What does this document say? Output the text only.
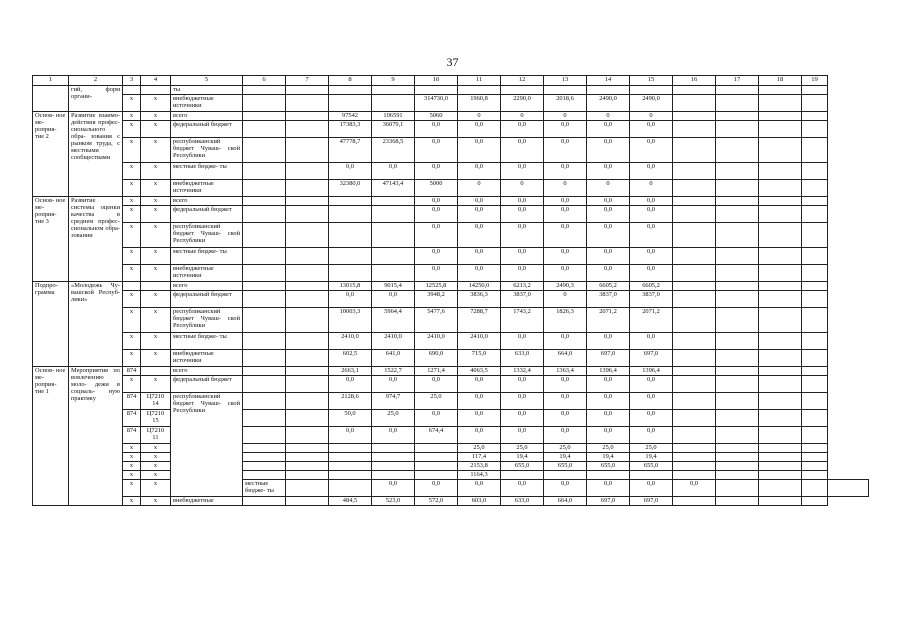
37
1	2	3	4	5	6	7	8	9	10	11	12	13	14	15	16	17	18	19	
	гий, форм органи-			ты															
		x	x	внебюджетные источники					314730,0	1960,8	2290,0	2018,6	2490,0	2490,0					
Основ- ное ме- роприя- тие 2	Развитие взаимо- действия профес- сионального обра- зования с рынком труда, с местными сообществами	x	x	всего			97542	106591	5060	0	0	0	0	0					
		x	x	федеральный бюджет			17383,3	36079,1	0,0	0,0	0,0	0,0	0,0	0,0					
		x	x	республиканский бюджет Чуваш- ской Республики			47778,7	23368,5	0,0	0,0	0,0	0,0	0,0	0,0					
		x	x	местные бюдже- ты			0,0	0,0	0,0	0,0	0,0	0,0	0,0	0,0					
		x	x	внебюджетные источники			32380,0	47143,4	5000	0	0	0	0	0					
Основ- ное ме- роприя- тие 3	Развитие системы оценки качества в среднем профес- сиональном обра- зовании	x	x	всего					0,0	0,0	0,0	0,0	0,0	0,0					
		x	x	федеральный бюджет					0,0	0,0	0,0	0,0	0,0	0,0					
		x	x	республиканский бюджет Чуваш- ской Республики					0,0	0,0	0,0	0,0	0,0	0,0					
		x	x	местные бюдже- ты					0,0	0,0	0,0	0,0	0,0	0,0					
		x	x	внебюджетные источники					0,0	0,0	0,0	0,0	0,0	0,0					
Подпро- грамма	«Молодежь Чу- вашской Респуб- лики»			всего			13015,8	9015,4	12525,8	14250,0	6213,2	2490,3	6605,2	6605,2					
		x	x	федеральный бюджет			0,0	0,0	3948,2	3836,3	3837,0	0	3837,0	3837,0					
		x	x	республиканский бюджет Чуваш- ской Республики			10003,3	5964,4	5477,6	7288,7	1743,2	1826,3	2071,2	2071,2					
		x	x	местные бюдже- ты			2410,0	2410,0	2410,0	2410,0	0,0	0,0	0,0	0,0					
		x	x	внебюджетные источники			602,5	641,0	690,0	715,0	633,0	664,0	697,0	697,0					
Основ- ное ме- роприя- тие 1	Мероприятия по вовлечению моло- дежи в социаль- ную практику	874		всего			2663,1	1522,7	1271,4	4063,5	1332,4	1363,4	1396,4	1396,4					
		x	x	федеральный бюджет			0,0	0,0	0,0	0,0	0,0	0,0	0,0	0,0					
		874	Ц7210 14	республиканский бюджет Чуваш- ской Республики			2128,6	974,7	25,0	0,0	0,0	0,0	0,0	0,0					
		874	Ц7210 15				50,0	25,0	0,0	0,0	0,0	0,0	0,0	0,0					
		874	Ц7210 11				0,0	0,0	674,4	0,0	0,0	0,0	0,0	0,0					
		x	x							25,0	25,0	25,0	25,0	25,0					
		x	x							117,4	19,4	19,4	19,4	19,4					
		x	x							2153,8	655,0	655,0	655,0	655,0					
		x	x							1164,3									
		x	x		местные бюдже- ты			0,0	0,0	0,0	0,0	0,0	0,0	0,0	0,0				
		x	x	внебюджетные			484,5	523,0	572,0	603,0	633,0	664,0	697,0	697,0					
